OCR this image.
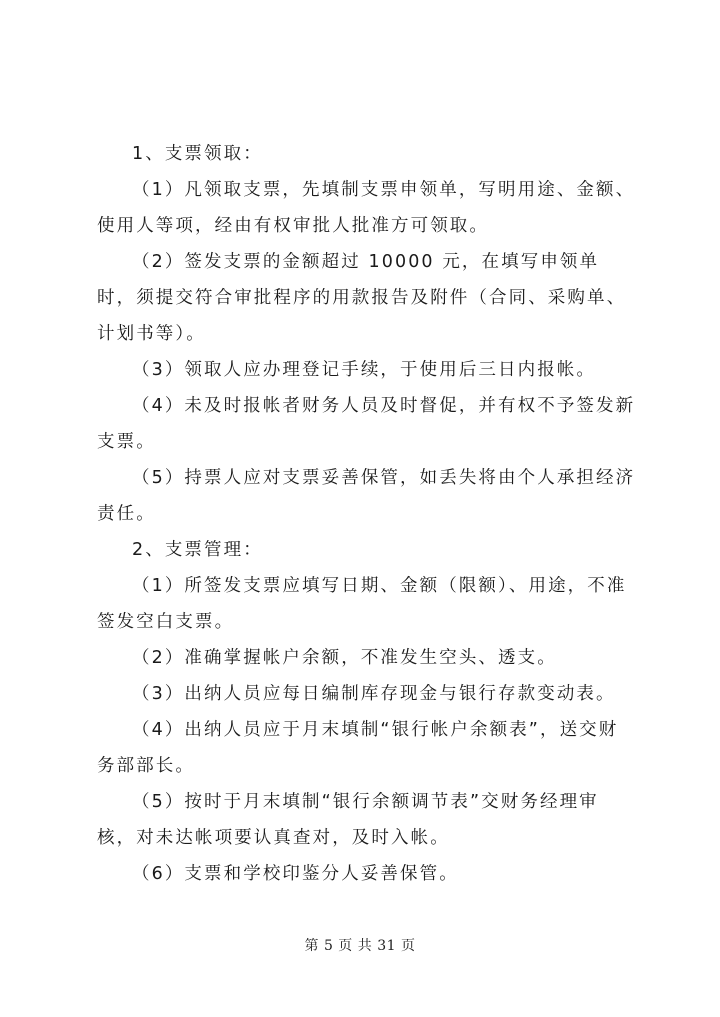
1、支票领取：

（1）凡领取支票，先填制支票申领单，写明用途、金额、使用人等项，经由有权审批人批准方可领取。

（2）签发支票的金额超过 10000 元，在填写申领单时，须提交符合审批程序的用款报告及附件（合同、采购单、计划书等）。

（3）领取人应办理登记手续，于使用后三日内报帐。

（4）未及时报帐者财务人员及时督促，并有权不予签发新支票。

（5）持票人应对支票妥善保管，如丢失将由个人承担经济责任。

2、支票管理：

（1）所签发支票应填写日期、金额（限额）、用途，不准签发空白支票。

（2）准确掌握帐户余额，不准发生空头、透支。

（3）出纳人员应每日编制库存现金与银行存款变动表。

（4）出纳人员应于月末填制“银行帐户余额表”，送交财务部部长。

（5）按时于月末填制“银行余额调节表”交财务经理审核，对未达帐项要认真查对，及时入帐。

（6）支票和学校印鉴分人妥善保管。

第 5 页 共 31 页
